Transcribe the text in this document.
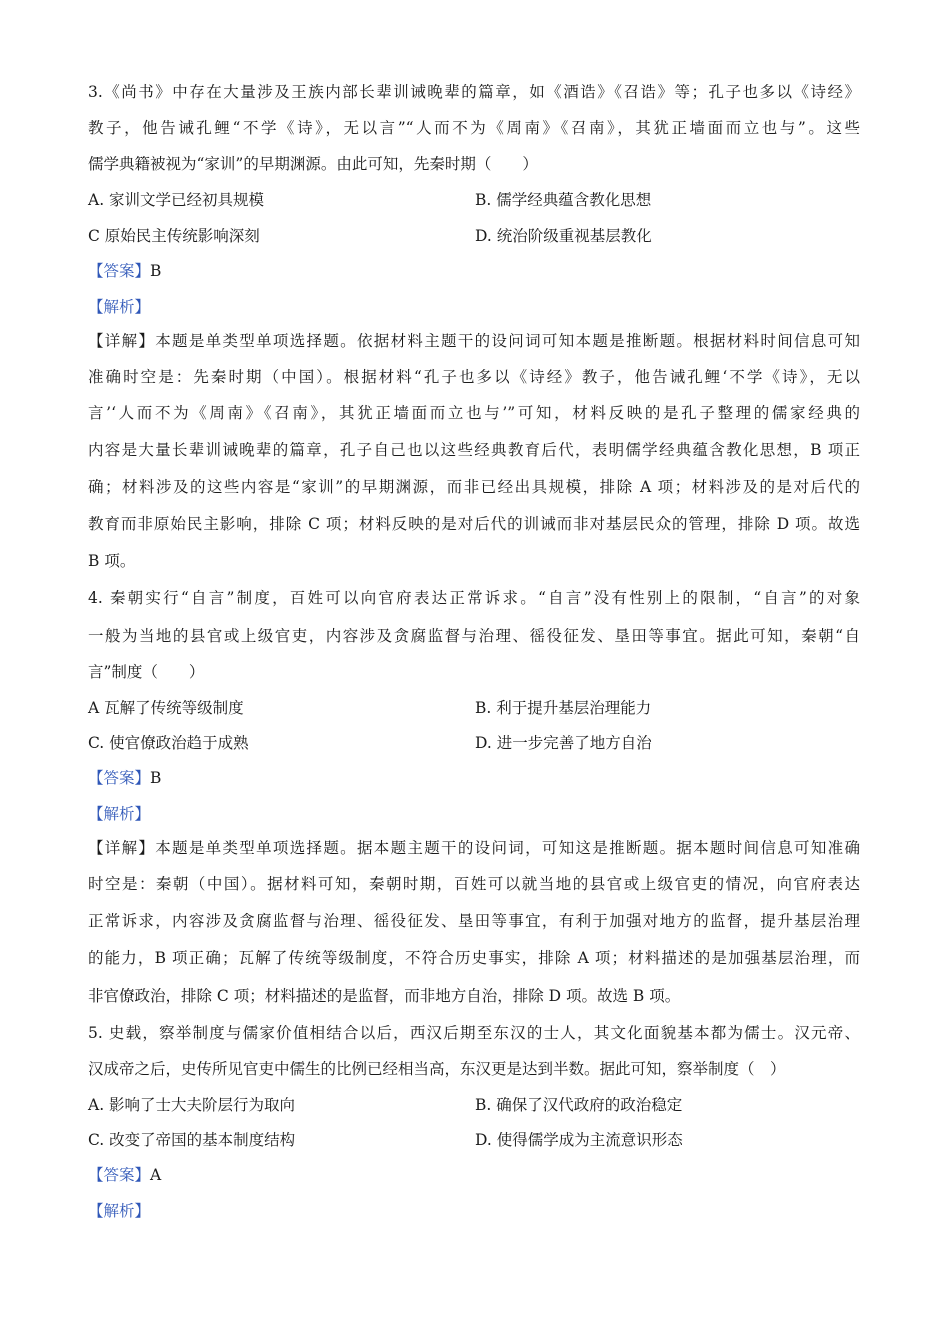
3.《尚书》中存在大量涉及王族内部长辈训诫晚辈的篇章，如《酒诰》《召诰》等；孔子也多以《诗经》
教子，他告诫孔鲤“不学《诗》，无以言”“人而不为《周南》《召南》，其犹正墙面而立也与”。这些
儒学典籍被视为“家训”的早期渊源。由此可知，先秦时期（　　）
A. 家训文学已经初具规模	B. 儒学经典蕴含教化思想
C 原始民主传统影响深刻	D. 统治阶级重视基层教化
【答案】B
【解析】
【详解】本题是单类型单项选择题。依据材料主题干的设问词可知本题是推断题。根据材料时间信息可知
准确时空是：先秦时期（中国）。根据材料“孔子也多以《诗经》教子，他告诫孔鲤‘不学《诗》，无以
言’‘人而不为《周南》《召南》，其犹正墙面而立也与’”可知，材料反映的是孔子整理的儒家经典的
内容是大量长辈训诫晚辈的篇章，孔子自己也以这些经典教育后代，表明儒学经典蕴含教化思想，B 项正
确；材料涉及的这些内容是“家训”的早期渊源，而非已经出具规模，排除 A 项；材料涉及的是对后代的
教育而非原始民主影响，排除 C 项；材料反映的是对后代的训诫而非对基层民众的管理，排除 D 项。故选
B 项。
4. 秦朝实行“自言”制度，百姓可以向官府表达正常诉求。“自言”没有性别上的限制，“自言”的对象
一般为当地的县官或上级官吏，内容涉及贪腐监督与治理、徭役征发、垦田等事宜。据此可知，秦朝“自
言”制度（　　）
A 瓦解了传统等级制度	B. 利于提升基层治理能力
C. 使官僚政治趋于成熟	D. 进一步完善了地方自治
【答案】B
【解析】
【详解】本题是单类型单项选择题。据本题主题干的设问词，可知这是推断题。据本题时间信息可知准确
时空是：秦朝（中国）。据材料可知，秦朝时期，百姓可以就当地的县官或上级官吏的情况，向官府表达
正常诉求，内容涉及贪腐监督与治理、徭役征发、垦田等事宜，有利于加强对地方的监督，提升基层治理
的能力，B 项正确；瓦解了传统等级制度，不符合历史事实，排除 A 项；材料描述的是加强基层治理，而
非官僚政治，排除 C 项；材料描述的是监督，而非地方自治，排除 D 项。故选 B 项。
5. 史载，察举制度与儒家价值相结合以后，西汉后期至东汉的士人，其文化面貌基本都为儒士。汉元帝、
汉成帝之后，史传所见官吏中儒生的比例已经相当高，东汉更是达到半数。据此可知，察举制度（　）
A. 影响了士大夫阶层行为取向	B. 确保了汉代政府的政治稳定
C. 改变了帝国的基本制度结构	D. 使得儒学成为主流意识形态
【答案】A
【解析】
